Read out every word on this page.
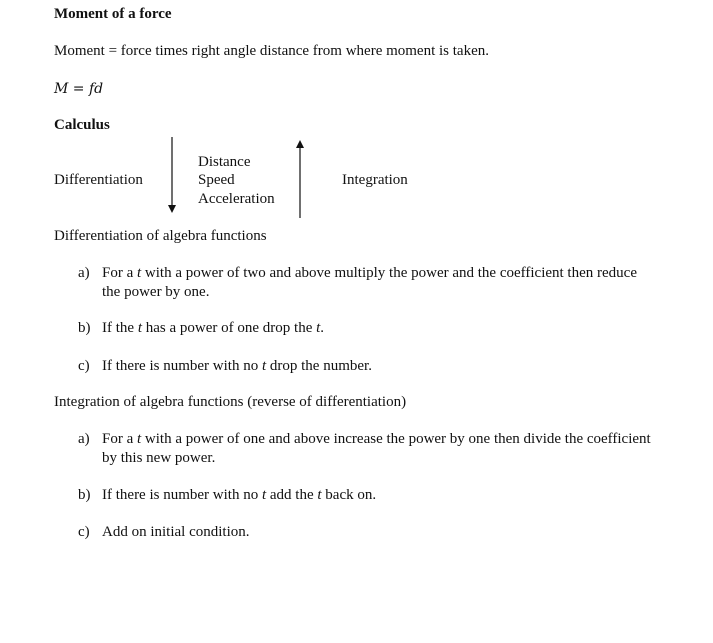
Moment of a force
Moment = force times right angle distance from where moment is taken.
M = fd
Calculus
Differentiation
Distance
Speed
Acceleration
Integration
Differentiation of algebra functions
a) For a t with a power of two and above multiply the power and the coefficient then reduce the power by one.
b) If the t has a power of one drop the t.
c) If there is number with no t drop the number.
Integration of algebra functions (reverse of differentiation)
a) For a t with a power of one and above increase the power by one then divide the coefficient by this new power.
b) If there is number with no t add the t back on.
c) Add on initial condition.
